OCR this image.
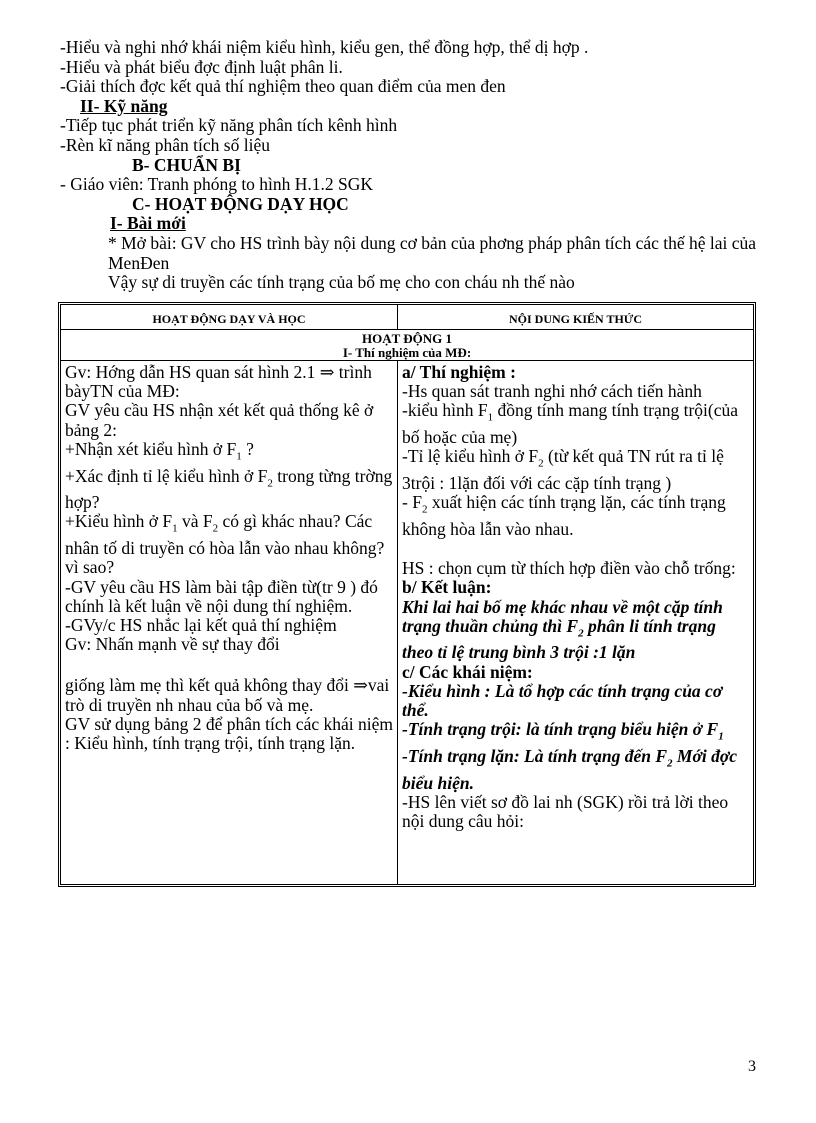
-Hiểu và nghi nhớ khái niệm kiểu hình, kiểu gen, thể đồng hợp, thể dị hợp .

-Hiểu và phát biểu đợc định luật phân li.

-Giải thích đợc kết quả thí nghiệm theo quan điểm của men đen

II- Kỹ năng

-Tiếp tục phát triển kỹ năng phân tích kênh hình

-Rèn kĩ năng phân tích số liệu

B- CHUẨN BỊ

- Giáo viên: Tranh phóng to hình H.1.2 SGK

C- HOẠT ĐỘNG DẠY HỌC

I- Bài mới

* Mở bài: GV cho HS trình bày nội dung cơ bản của phơng pháp phân tích các thế hệ lai của MenĐen

Vậy sự di truyền các tính trạng của bố mẹ cho con cháu nh thế nào

HOẠT ĐỘNG DẠY VÀ HỌC	NỘI DUNG KIẾN THỨC
HOẠT ĐỘNG 1
I- Thí nghiệm của MĐ:

Gv: Hớng dẫn HS quan sát hình 2.1 ⇒ trình bàyTN của MĐ:

GV yêu cầu HS nhận xét kết quả thống kê ở bảng 2:

+Nhận xét kiểu hình ở $F_1$ ?

+Xác định tỉ lệ kiểu hình ở $F_2$ trong từng trờng hợp?

+Kiểu hình ở $F_1$ và $F_2$ có gì khác nhau? Các nhân tố di truyền có hòa lẫn vào nhau không? vì sao?

-GV yêu cầu HS làm bài tập điền từ(tr 9 ) đó chính là kết luận về nội dung thí nghiệm.

-GVy/c HS nhắc lại kết quả thí nghiệm

Gv: Nhấn mạnh về sự thay đổi

giống làm mẹ thì kết quả không thay đổi ⇒vai trò di truyền nh nhau của bố và mẹ.

GV sử dụng bảng 2 để phân tích các khái niệm : Kiểu hình, tính trạng trội, tính trạng lặn.

a/ Thí nghiệm :

-Hs quan sát tranh nghi nhớ cách tiến hành

-kiểu hình $F_1$ đồng tính mang tính trạng trội(của bố hoặc của mẹ)

-Tỉ lệ kiểu hình ở $F_2$ (từ kết quả TN rút ra tỉ lệ 3trội : 1lặn đối với các cặp tính trạng )

- $F_2$ xuất hiện các tính trạng lặn, các tính trạng không hòa lẫn vào nhau.

HS : chọn cụm từ thích hợp điền vào chỗ trống:

b/ Kết luận:

Khi lai hai bố mẹ khác nhau về một cặp tính trạng thuần chủng thì $F_2$ phân li tính trạng theo tỉ lệ trung bình 3 trội :1 lặn

c/ Các khái niệm:

-Kiểu hình : Là tổ hợp các tính trạng của cơ thể.

-Tính trạng trội: là tính trạng biểu hiện ở $F_1$

-Tính trạng lặn: Là tính trạng đến $F_2$ Mới đợc biểu hiện.

-HS lên viết sơ đồ lai nh (SGK) rồi trả lời theo nội dung câu hỏi:

3
